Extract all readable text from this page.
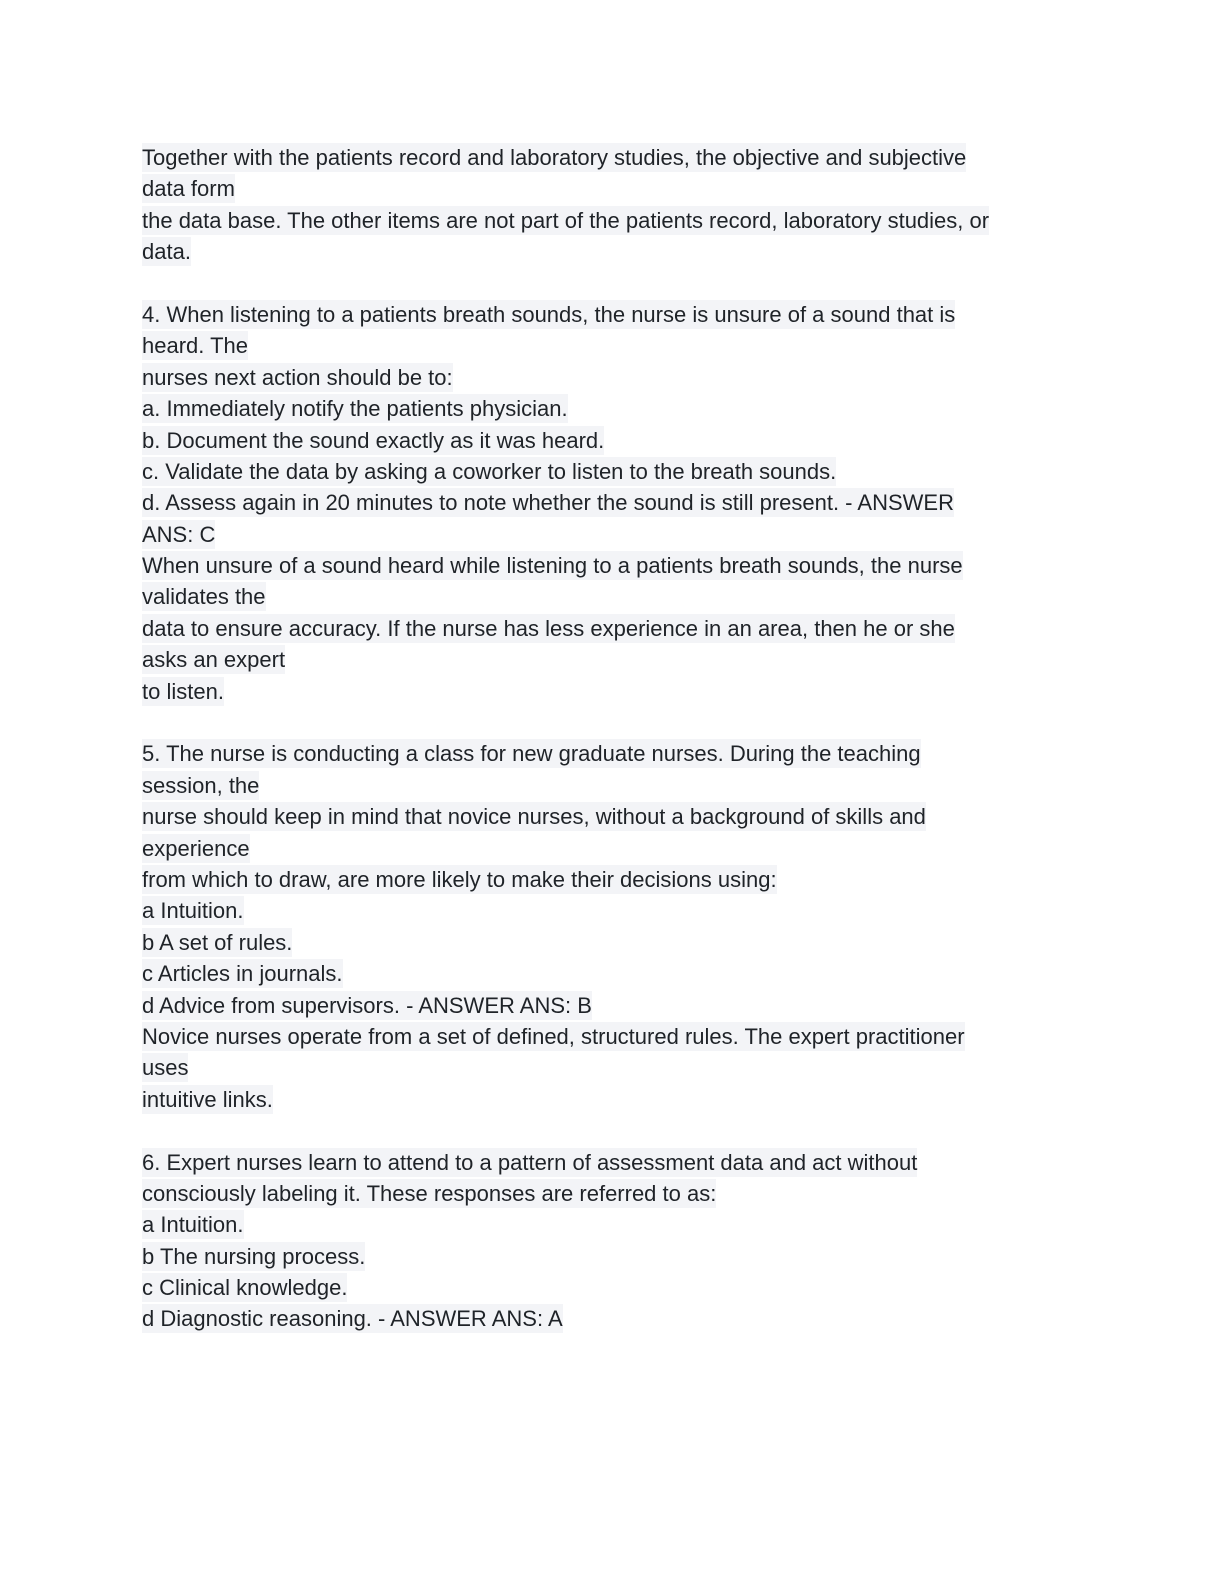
Together with the patients record and laboratory studies, the objective and subjective
data form
the data base. The other items are not part of the patients record, laboratory studies, or
data.
4. When listening to a patients breath sounds, the nurse is unsure of a sound that is
heard. The
nurses next action should be to:
a. Immediately notify the patients physician.
b. Document the sound exactly as it was heard.
c. Validate the data by asking a coworker to listen to the breath sounds.
d. Assess again in 20 minutes to note whether the sound is still present. - ANSWER
ANS: C
When unsure of a sound heard while listening to a patients breath sounds, the nurse
validates the
data to ensure accuracy. If the nurse has less experience in an area, then he or she
asks an expert
to listen.
5. The nurse is conducting a class for new graduate nurses. During the teaching
session, the
nurse should keep in mind that novice nurses, without a background of skills and
experience
from which to draw, are more likely to make their decisions using:
a Intuition.
b A set of rules.
c Articles in journals.
d Advice from supervisors. - ANSWER ANS: B
Novice nurses operate from a set of defined, structured rules. The expert practitioner
uses
intuitive links.
6. Expert nurses learn to attend to a pattern of assessment data and act without
consciously labeling it. These responses are referred to as:
a Intuition.
b The nursing process.
c Clinical knowledge.
d Diagnostic reasoning. - ANSWER ANS: A
